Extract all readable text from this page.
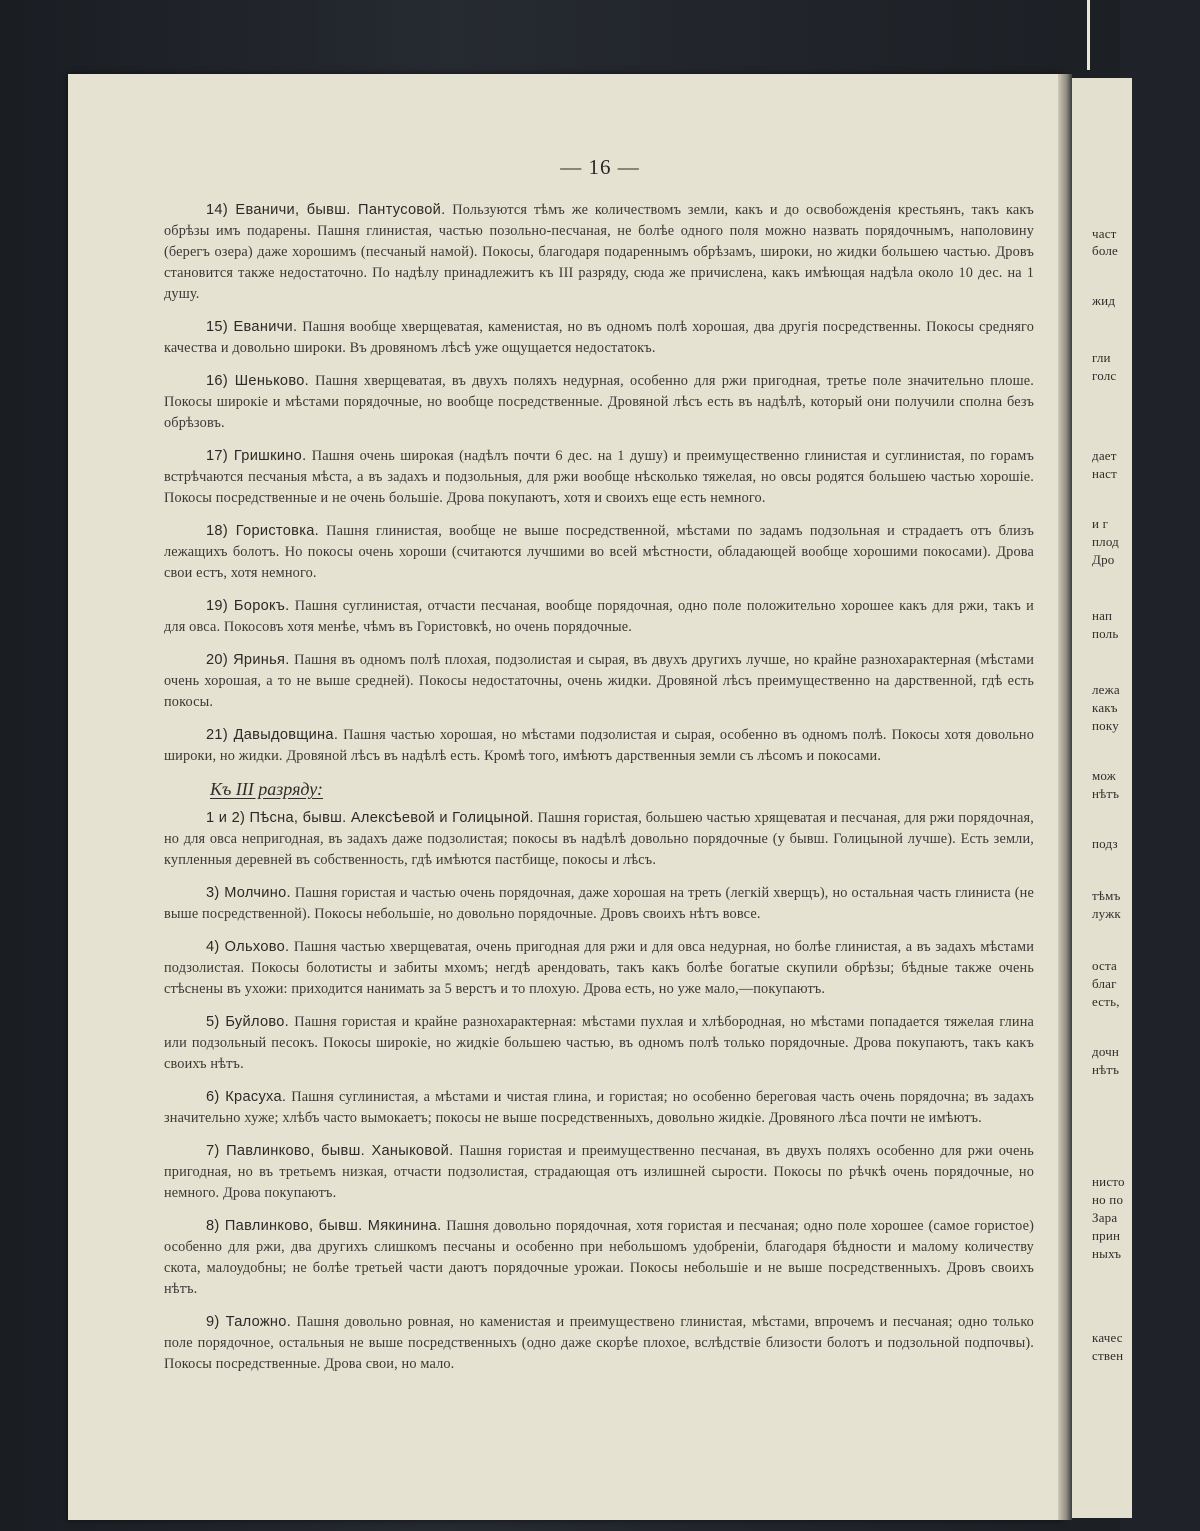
част
боле
жид
гли
голс
дает
наст
и г
плод
Дро
нап
поль
лежа
какъ
поку
мож
нѣтъ
подз
тѣмъ
лужк
оста
благ
есть,
дочн
нѣтъ
нисто
но по
Зара
прин
ныхъ
качес
ствен
— 16 —

14) Еваничи, бывш. Пантусовой. Пользуются тѣмъ же количествомъ земли, какъ и до освобожденія крестьянъ, такъ какъ обрѣзы имъ подарены. Пашня глинистая, частью позольно-песчаная, не болѣе одного поля можно назвать порядочнымъ, наполовину (берегъ озера) даже хорошимъ (песчаный намой). Покосы, благодаря подареннымъ обрѣзамъ, широки, но жидки большею частью. Дровъ становится также недостаточно. По надѣлу принадлежитъ къ III разряду, сюда же причислена, какъ имѣющая надѣла около 10 дес. на 1 душу.

15) Еваничи. Пашня вообще хверщеватая, каменистая, но въ одномъ полѣ хорошая, два другія посредственны. Покосы средняго качества и довольно широки. Въ дровяномъ лѣсѣ уже ощущается недостатокъ.

16) Шеньково. Пашня хверщеватая, въ двухъ поляхъ недурная, особенно для ржи пригодная, третье поле значительно плоше. Покосы широкіе и мѣстами порядочные, но вообще посредственные. Дровяной лѣсъ есть въ надѣлѣ, который они получили сполна безъ обрѣзовъ.

17) Гришкино. Пашня очень широкая (надѣлъ почти 6 дес. на 1 душу) и преимущественно глинистая и суглинистая, по горамъ встрѣчаются песчаныя мѣста, а въ задахъ и подзольныя, для ржи вообще нѣсколько тяжелая, но овсы родятся большею частью хорошіе. Покосы посредственные и не очень большіе. Дрова покупаютъ, хотя и своихъ еще есть немного.

18) Гористовка. Пашня глинистая, вообще не выше посредственной, мѣстами по задамъ подзольная и страдаетъ отъ близъ лежащихъ болотъ. Но покосы очень хороши (считаются лучшими во всей мѣстности, обладающей вообще хорошими покосами). Дрова свои естъ, хотя немного.

19) Борокъ. Пашня суглинистая, отчасти песчаная, вообще порядочная, одно поле положительно хорошее какъ для ржи, такъ и для овса. Покосовъ хотя менѣе, чѣмъ въ Гористовкѣ, но очень порядочные.

20) Яринья. Пашня въ одномъ полѣ плохая, подзолистая и сырая, въ двухъ другихъ лучше, но крайне разнохарактерная (мѣстами очень хорошая, а то не выше средней). Покосы недостаточны, очень жидки. Дровяной лѣсъ преимущественно на дарственной, гдѣ есть покосы.

21) Давыдовщина. Пашня частью хорошая, но мѣстами подзолистая и сырая, особенно въ одномъ полѣ. Покосы хотя довольно широки, но жидки. Дровяной лѣсъ въ надѣлѣ есть. Кромѣ того, имѣютъ дарственныя земли съ лѣсомъ и покосами.

Къ III разряду:

1 и 2) Пѣсна, бывш. Алексѣевой и Голицыной. Пашня гористая, большею частью хрящеватая и песчаная, для ржи порядочная, но для овса непригодная, въ задахъ даже подзолистая; покосы въ надѣлѣ довольно порядочные (у бывш. Голицыной лучше). Есть земли, купленныя деревней въ собственность, гдѣ имѣются пастбище, покосы и лѣсъ.

3) Молчино. Пашня гористая и частью очень порядочная, даже хорошая на треть (легкій хверщъ), но остальная часть глиниста (не выше посредственной). Покосы небольшіе, но довольно порядочные. Дровъ своихъ нѣтъ вовсе.

4) Ольхово. Пашня частью хверщеватая, очень пригодная для ржи и для овса недурная, но болѣе глинистая, а въ задахъ мѣстами подзолистая. Покосы болотисты и забиты мхомъ; негдѣ арендовать, такъ какъ болѣе богатые скупили обрѣзы; бѣдные также очень стѣснены въ ухожи: приходится нанимать за 5 верстъ и то плохую. Дрова есть, но уже мало,—покупаютъ.

5) Буйлово. Пашня гористая и крайне разнохарактерная: мѣстами пухлая и хлѣбородная, но мѣстами попадается тяжелая глина или подзольный песокъ. Покосы широкіе, но жидкіе большею частью, въ одномъ полѣ только порядочные. Дрова покупаютъ, такъ какъ своихъ нѣтъ.

6) Красуха. Пашня суглинистая, а мѣстами и чистая глина, и гористая; но особенно береговая часть очень порядочна; въ задахъ значительно хуже; хлѣбъ часто вымокаетъ; покосы не выше посредственныхъ, довольно жидкіе. Дровяного лѣса почти не имѣютъ.

7) Павлинково, бывш. Ханыковой. Пашня гористая и преимущественно песчаная, въ двухъ поляхъ особенно для ржи очень пригодная, но въ третьемъ низкая, отчасти подзолистая, страдающая отъ излишней сырости. Покосы по рѣчкѣ очень порядочные, но немного. Дрова покупаютъ.

8) Павлинково, бывш. Мякинина. Пашня довольно порядочная, хотя гористая и песчаная; одно поле хорошее (самое гористое) особенно для ржи, два другихъ слишкомъ песчаны и особенно при небольшомъ удобреніи, благодаря бѣдности и малому количеству скота, малоудобны; не болѣе третьей части даютъ порядочные урожаи. Покосы небольшіе и не выше посредственныхъ. Дровъ своихъ нѣтъ.

9) Таложно. Пашня довольно ровная, но каменистая и преимуществено глинистая, мѣстами, впрочемъ и песчаная; одно только поле порядочное, остальныя не выше посредственныхъ (одно даже скорѣе плохое, вслѣдствіе близости болотъ и подзольной подпочвы). Покосы посредственные. Дрова свои, но мало.
